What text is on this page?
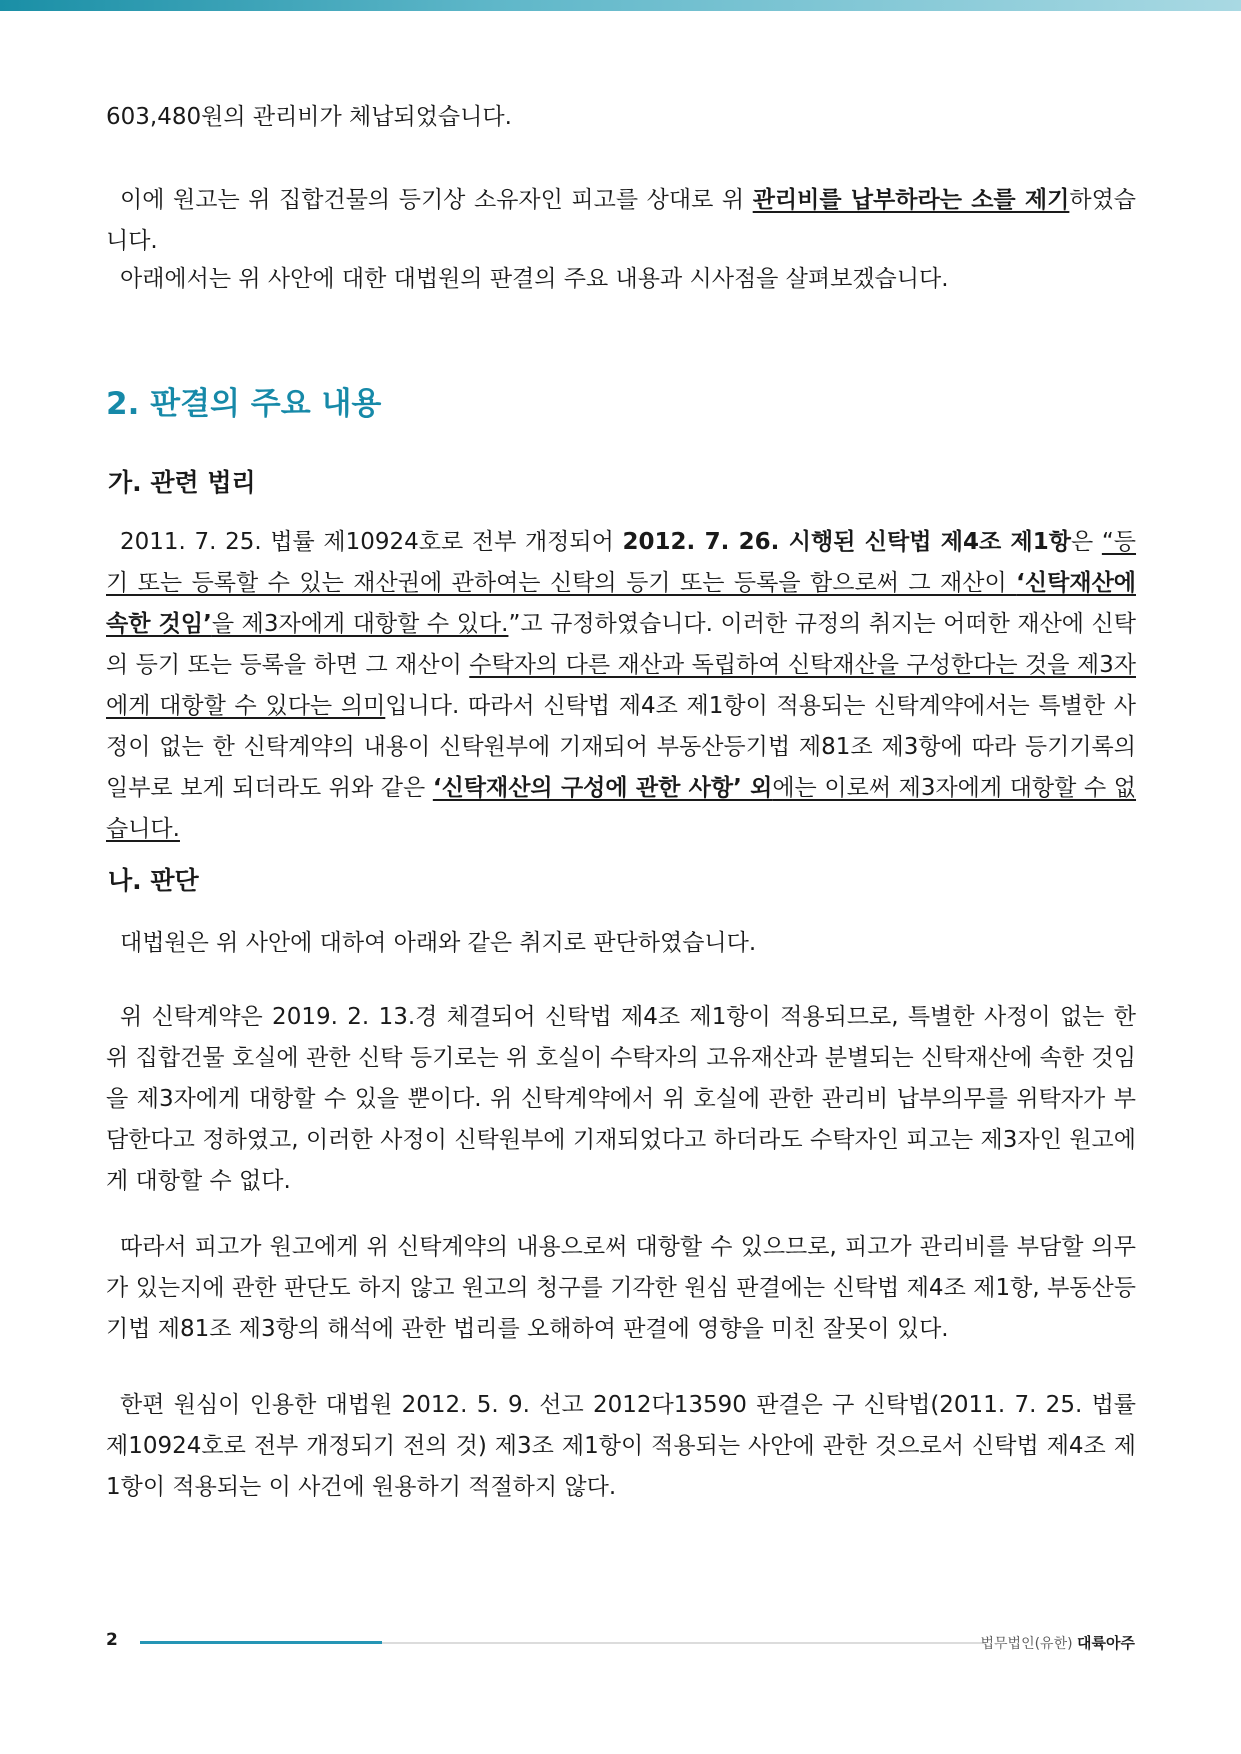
603,480원의 관리비가 체납되었습니다.

이에 원고는 위 집합건물의 등기상 소유자인 피고를 상대로 위 관리비를 납부하라는 소를 제기하였습니다.

아래에서는 위 사안에 대한 대법원의 판결의 주요 내용과 시사점을 살펴보겠습니다.

2. 판결의 주요 내용
가. 관련 법리

2011. 7. 25. 법률 제10924호로 전부 개정되어 2012. 7. 26. 시행된 신탁법 제4조 제1항은 “등기 또는 등록할 수 있는 재산권에 관하여는 신탁의 등기 또는 등록을 함으로써 그 재산이 ‘신탁재산에 속한 것임’을 제3자에게 대항할 수 있다.”고 규정하였습니다. 이러한 규정의 취지는 어떠한 재산에 신탁의 등기 또는 등록을 하면 그 재산이 수탁자의 다른 재산과 독립하여 신탁재산을 구성한다는 것을 제3자에게 대항할 수 있다는 의미입니다. 따라서 신탁법 제4조 제1항이 적용되는 신탁계약에서는 특별한 사정이 없는 한 신탁계약의 내용이 신탁원부에 기재되어 부동산등기법 제81조 제3항에 따라 등기기록의 일부로 보게 되더라도 위와 같은 ‘신탁재산의 구성에 관한 사항’ 외에는 이로써 제3자에게 대항할 수 없습니다.

나. 판단

대법원은 위 사안에 대하여 아래와 같은 취지로 판단하였습니다.

위 신탁계약은 2019. 2. 13.경 체결되어 신탁법 제4조 제1항이 적용되므로, 특별한 사정이 없는 한 위 집합건물 호실에 관한 신탁 등기로는 위 호실이 수탁자의 고유재산과 분별되는 신탁재산에 속한 것임을 제3자에게 대항할 수 있을 뿐이다. 위 신탁계약에서 위 호실에 관한 관리비 납부의무를 위탁자가 부담한다고 정하였고, 이러한 사정이 신탁원부에 기재되었다고 하더라도 수탁자인 피고는 제3자인 원고에게 대항할 수 없다.

따라서 피고가 원고에게 위 신탁계약의 내용으로써 대항할 수 있으므로, 피고가 관리비를 부담할 의무가 있는지에 관한 판단도 하지 않고 원고의 청구를 기각한 원심 판결에는 신탁법 제4조 제1항, 부동산등기법 제81조 제3항의 해석에 관한 법리를 오해하여 판결에 영향을 미친 잘못이 있다.

한편 원심이 인용한 대법원 2012. 5. 9. 선고 2012다13590 판결은 구 신탁법(2011. 7. 25. 법률 제10924호로 전부 개정되기 전의 것) 제3조 제1항이 적용되는 사안에 관한 것으로서 신탁법 제4조 제1항이 적용되는 이 사건에 원용하기 적절하지 않다.

2	법무법인(유한) 대륙아주
